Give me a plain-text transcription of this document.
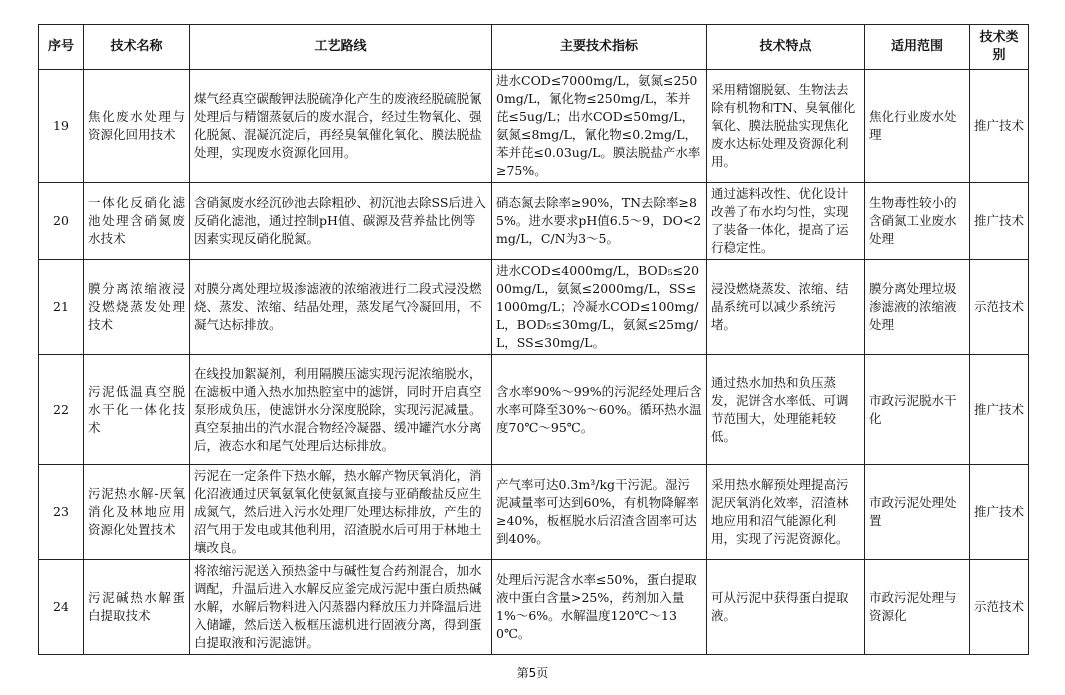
序号	技术名称	工艺路线	主要技术指标	技术特点	适用范围	技术类别
19	焦化废水处理与资源化回用技术	煤气经真空碳酸钾法脱硫净化产生的废液经脱硫脱氰处理后与精馏蒸氨后的废水混合，经过生物氧化、强化脱氮、混凝沉淀后，再经臭氧催化氧化、膜法脱盐处理，实现废水资源化回用。	进水COD≤7000mg/L，氨氮≤2500mg/L，氰化物≤250mg/L，苯并芘≤5ug/L；出水COD≤50mg/L，氨氮≤8mg/L，氰化物≤0.2mg/L，苯并芘≤0.03ug/L。膜法脱盐产水率≥75%。	采用精馏脱氨、生物法去除有机物和TN、臭氧催化氧化、膜法脱盐实现焦化废水达标处理及资源化利用。	焦化行业废水处理	推广技术
20	一体化反硝化滤池处理含硝氮废水技术	含硝氮废水经沉砂池去除粗砂、初沉池去除SS后进入反硝化滤池，通过控制pH值、碳源及营养盐比例等因素实现反硝化脱氮。	硝态氮去除率≥90%，TN去除率≥85%。进水要求pH值6.5～9，DO<2mg/L，C/N为3～5。	通过滤料改性、优化设计改善了布水均匀性，实现了装备一体化，提高了运行稳定性。	生物毒性较小的含硝氮工业废水处理	推广技术
21	膜分离浓缩液浸没燃烧蒸发处理技术	对膜分离处理垃圾渗滤液的浓缩液进行二段式浸没燃烧、蒸发、浓缩、结晶处理，蒸发尾气冷凝回用，不凝气达标排放。	进水COD≤4000mg/L，BOD₅≤2000mg/L，氨氮≤2000mg/L，SS≤1000mg/L；冷凝水COD≤100mg/L，BOD₅≤30mg/L，氨氮≤25mg/L，SS≤30mg/L。	浸没燃烧蒸发、浓缩、结晶系统可以减少系统污堵。	膜分离处理垃圾渗滤液的浓缩液处理	示范技术
22	污泥低温真空脱水干化一体化技术	在线投加絮凝剂，利用隔膜压滤实现污泥浓缩脱水，在滤板中通入热水加热腔室中的滤饼，同时开启真空泵形成负压，使滤饼水分深度脱除，实现污泥减量。真空泵抽出的汽水混合物经冷凝器、缓冲罐汽水分离后，液态水和尾气处理后达标排放。	含水率90%～99%的污泥经处理后含水率可降至30%～60%。循环热水温度70℃～95℃。	通过热水加热和负压蒸发，泥饼含水率低、可调节范围大，处理能耗较低。	市政污泥脱水干化	推广技术
23	污泥热水解-厌氧消化及林地应用资源化处置技术	污泥在一定条件下热水解，热水解产物厌氧消化，消化沼液通过厌氧氨氧化使氨氮直接与亚硝酸盐反应生成氮气，然后进入污水处理厂处理达标排放，产生的沼气用于发电或其他利用，沼渣脱水后可用于林地土壤改良。	产气率可达0.3m³/kg干污泥。湿污泥减量率可达到60%，有机物降解率≥40%，板框脱水后沼渣含固率可达到40%。	采用热水解预处理提高污泥厌氧消化效率，沼渣林地应用和沼气能源化利用，实现了污泥资源化。	市政污泥处理处置	推广技术
24	污泥碱热水解蛋白提取技术	将浓缩污泥送入预热釜中与碱性复合药剂混合，加水调配，升温后进入水解反应釜完成污泥中蛋白质热碱水解，水解后物料进入闪蒸器内释放压力并降温后进入储罐，然后送入板框压滤机进行固液分离，得到蛋白提取液和污泥滤饼。	处理后污泥含水率≤50%，蛋白提取液中蛋白含量>25%，药剂加入量1%～6%。水解温度120℃～130℃。	可从污泥中获得蛋白提取液。	市政污泥处理与资源化	示范技术
第5页
